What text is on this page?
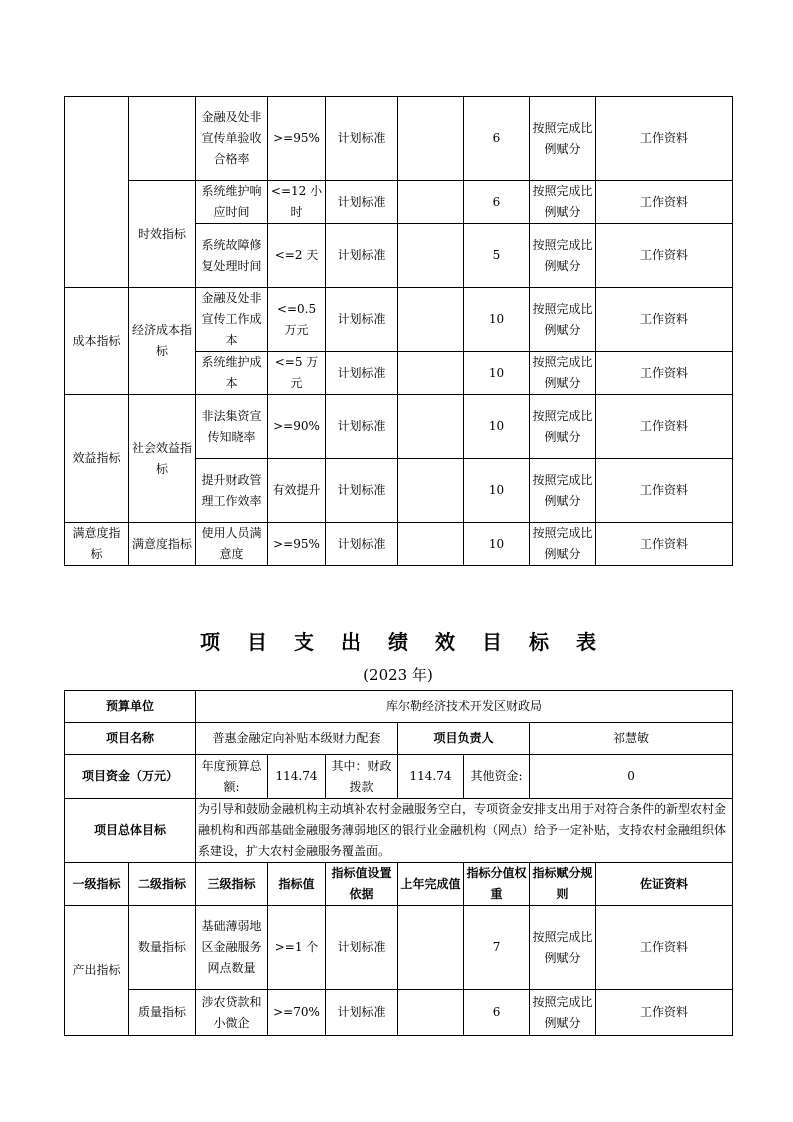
		金融及处非宣传单验收合格率	>=95%	计划标准		6	按照完成比例赋分	工作资料
	时效指标	系统维护响应时间	<=12 小时	计划标准		6	按照完成比例赋分	工作资料
		系统故障修复处理时间	<=2 天	计划标准		5	按照完成比例赋分	工作资料
成本指标	经济成本指标	金融及处非宣传工作成本	<=0.5 万元	计划标准		10	按照完成比例赋分	工作资料
		系统维护成本	<=5 万元	计划标准		10	按照完成比例赋分	工作资料
效益指标	社会效益指标	非法集资宣传知晓率	>=90%	计划标准		10	按照完成比例赋分	工作资料
		提升财政管理工作效率	有效提升	计划标准		10	按照完成比例赋分	工作资料
满意度指标	满意度指标	使用人员满意度	>=95%	计划标准		10	按照完成比例赋分	工作资料
项目支出绩效目标表
(2023 年)
预算单位		库尔勒经济技术开发区财政局						
项目名称		普惠金融定向补贴本级财力配套			项目负责人		祁慧敏	
项目资金（万元）		年度预算总额:	114.74	其中：财政拨款	114.74	其他资金:	0	
项目总体目标		为引导和鼓励金融机构主动填补农村金融服务空白，专项资金安排支出用于对符合条件的新型农村金融机构和西部基础金融服务薄弱地区的银行业金融机构（网点）给予一定补贴，支持农村金融组织体系建设，扩大农村金融服务覆盖面。						
一级指标	二级指标	三级指标	指标值	指标值设置依据	上年完成值	指标分值权重	指标赋分规则	佐证资料
产出指标	数量指标	基础薄弱地区金融服务网点数量	>=1 个	计划标准		7	按照完成比例赋分	工作资料
	质量指标	涉农贷款和小微企	>=70%	计划标准		6	按照完成比例赋分	工作资料
